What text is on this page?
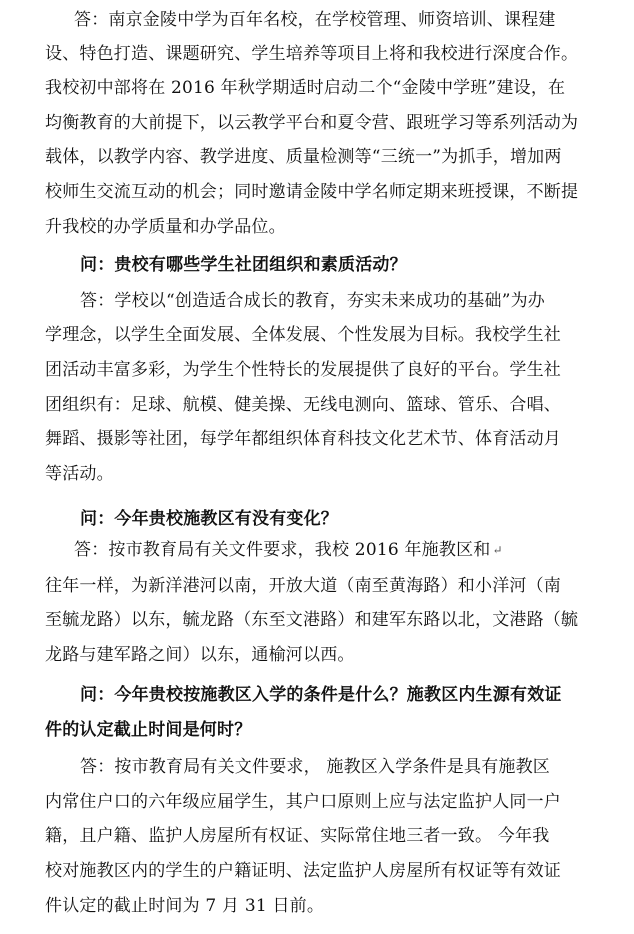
答：南京金陵中学为百年名校，在学校管理、师资培训、课程建
设、特色打造、课题研究、学生培养等项目上将和我校进行深度合作。
我校初中部将在 2016 年秋学期适时启动二个“金陵中学班”建设，在
均衡教育的大前提下，以云教学平台和夏令营、跟班学习等系列活动为
载体，以教学内容、教学进度、质量检测等“三统一”为抓手，增加两
校师生交流互动的机会；同时邀请金陵中学名师定期来班授课，不断提
升我校的办学质量和办学品位。
问：贵校有哪些学生社团组织和素质活动？
答：学校以“创造适合成长的教育，夯实未来成功的基础”为办
学理念，以学生全面发展、全体发展、个性发展为目标。我校学生社
团活动丰富多彩，为学生个性特长的发展提供了良好的平台。学生社
团组织有：足球、航模、健美操、无线电测向、篮球、管乐、合唱、
舞蹈、摄影等社团，每学年都组织体育科技文化艺术节、体育活动月
等活动。
问：今年贵校施教区有没有变化？
答：按市教育局有关文件要求，我校 2016 年施教区和 ↵
往年一样，为新洋港河以南，开放大道（南至黄海路）和小洋河（南
至毓龙路）以东，毓龙路（东至文港路）和建军东路以北，文港路（毓
龙路与建军路之间）以东，通榆河以西。
问：今年贵校按施教区入学的条件是什么？施教区内生源有效证
件的认定截止时间是何时？
答：按市教育局有关文件要求， 施教区入学条件是具有施教区
内常住户口的六年级应届学生，其户口原则上应与法定监护人同一户
籍，且户籍、监护人房屋所有权证、实际常住地三者一致。 今年我
校对施教区内的学生的户籍证明、法定监护人房屋所有权证等有效证
件认定的截止时间为 7 月 31 日前。
